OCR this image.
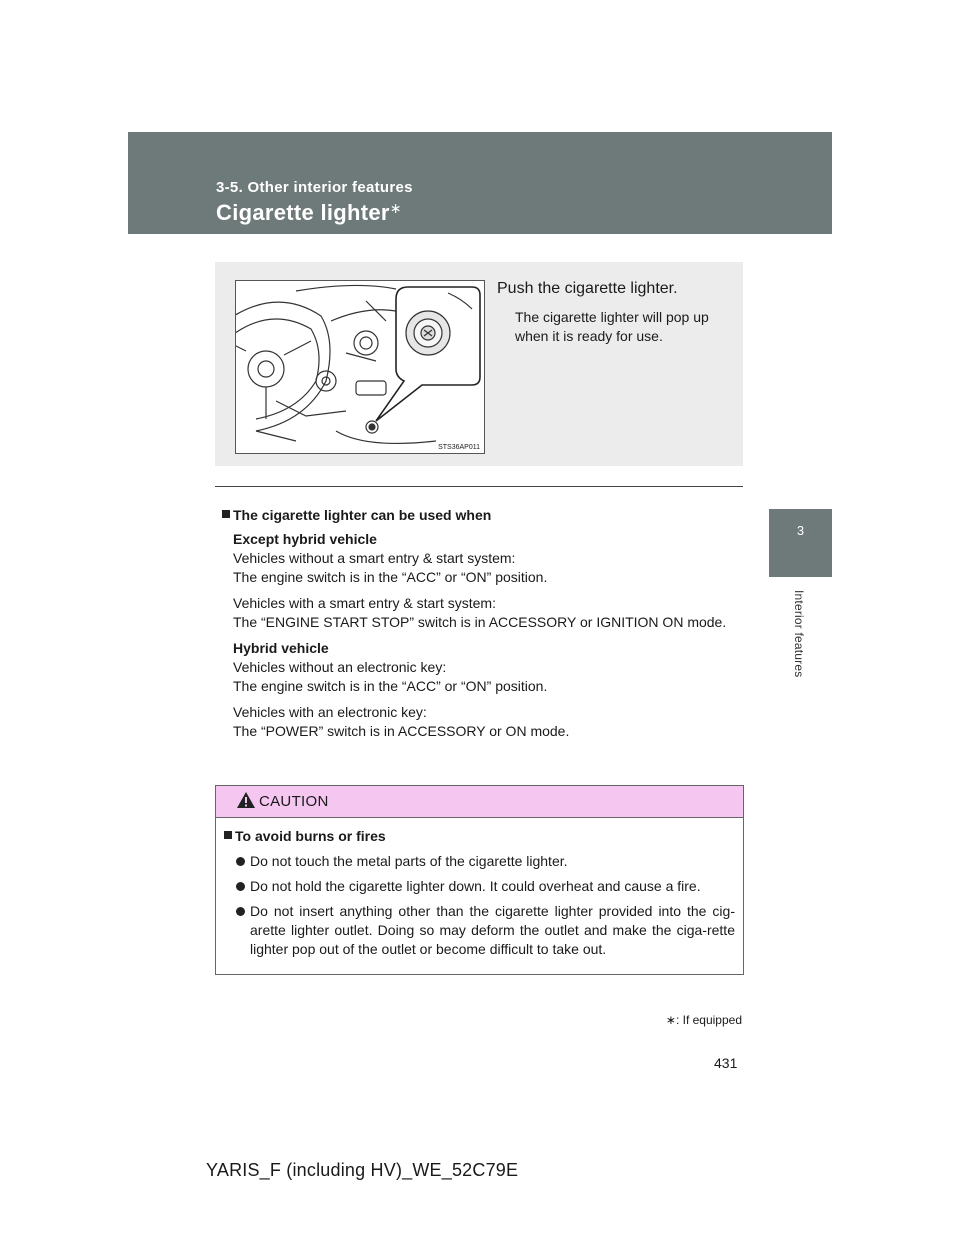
3-5. Other interior features
Cigarette lighter∗
3
Interior features
STS36AP011
Push the cigarette lighter.
The cigarette lighter will pop up when it is ready for use.
The cigarette lighter can be used when
Except hybrid vehicle
Vehicles without a smart entry & start system:
The engine switch is in the “ACC” or “ON” position.
Vehicles with a smart entry & start system:
The “ENGINE START STOP” switch is in ACCESSORY or IGNITION ON mode.
Hybrid vehicle
Vehicles without an electronic key:
The engine switch is in the “ACC” or “ON” position.
Vehicles with an electronic key:
The “POWER” switch is in ACCESSORY or ON mode.
CAUTION
To avoid burns or fires
Do not touch the metal parts of the cigarette lighter.
Do not hold the cigarette lighter down. It could overheat and cause a fire.
Do not insert anything other than the cigarette lighter provided into the cig-arette lighter outlet. Doing so may deform the outlet and make the ciga-rette lighter pop out of the outlet or become difficult to take out.
∗: If equipped
431
YARIS_F (including HV)_WE_52C79E
